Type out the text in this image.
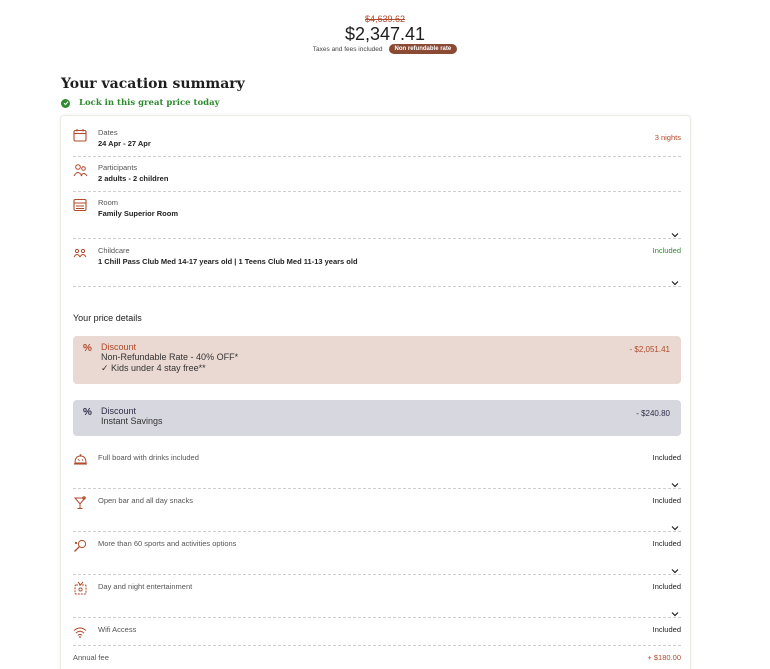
$4,639.62
$2,347.41
Taxes and fees included	Non refundable rate
Your vacation summary
Lock in this great price today
Dates
24 Apr - 27 Apr
3 nights
Participants
2 adults - 2 children
Room
Family Superior Room
Childcare
1 Chill Pass Club Med 14-17 years old | 1 Teens Club Med 11-13 years old
Included
Your price details
% Discount
Non-Refundable Rate - 40% OFF*
✓ Kids under 4 stay free**
- $2,051.41
% Discount
Instant Savings
- $240.80
Full board with drinks included	Included
Open bar and all day snacks	Included
More than 60 sports and activities options	Included
Day and night entertainment	Included
Wifi Access	Included
Annual fee	+ $180.00
